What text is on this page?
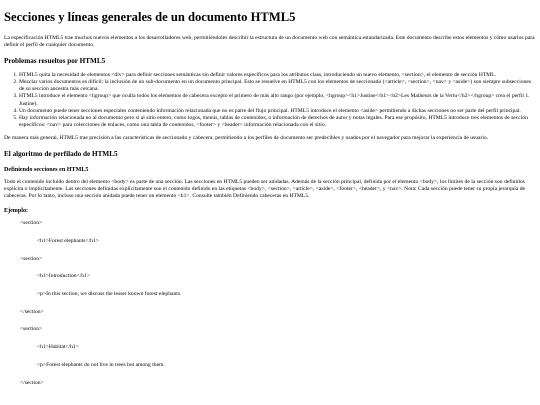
Secciones y líneas generales de un documento HTML5

La especificación HTML5 trae muchos nuevos elementos a los desarrolladores web, permitiéndoles describir la estructura de un documento web con semántica estandarizada. Este documento describe estos elementos y cómo usarlos para definir el perfil de cualquier documento.

Problemas resueltos por HTML5
1. HTML5 quita la necesidad de elementos <div> para definir secciones semánticas sin definir valores específicos para los atributos class, introduciendo un nuevo elemento, <section>, el elemento de sección HTML.
2. Mezclar varios documentos es difícil: la inclusión de un sub-documento en un documento principal. Esto se resuelve en HTML5 con los elementos de seccionado (<article>, <section>, <nav> y <aside>) son siempre subsecciones de su sección ancestra más cercana.
3. HTML5 introduce el elemento <hgroup> que oculta todos los elementos de cabecera excepto el primero de más alto rango (por ejemplo, <hgroup><h1>Justine</h1><h2>Les Malheurs de la Vertu</h2></hgroup> crea el perfil 1. Justine).
4. Un documento puede tener secciones especiales conteniendo información relacionada que no es parte del flujo principal. HTML5 introduce el elemento <aside> permitiendo a dichas secciones no ser parte del perfil principal.
5. Hay información relacionada no al documento pero si al sitio entero, como logos, menús, tablas de contenidos, o información de derechos de autor y notas legales. Para ese propósito, HTML5 introduce tres elementos de sección específicos: <nav> para colecciones de enlaces, como una tabla de contenidos, <footer> y <header> información relacionada con el sitio.

De manera más general, HTML5 trae precisión a las características de seccionado y cabecera, permitiendo a los perfiles de documento ser predecibles y usados por el navegador para mejorar la experiencia de usuario.

El algoritmo de perfilado de HTML5
Definiendo secciones en HTML5

Todo el contenido incluido dentro del elemento <body> es parte de una sección. Las secciones en HTML5 pueden ser anidadas. Además de la sección principal, definida por el elemento <body>, los límites de la sección son definidos explícita o implícitamente. Las secciones definidas explícitamente son el contenido definido en las etiquetas <body>, <section>, <article>, <aside>, <footer>, <header>, y <nav>. Nota: Cada sección puede tener su propia jerarquía de cabeceras. Por lo tanto, incluso una sección anidada puede tener un elemento <h1>. Consulte también Definiendo cabeceras en HTML5.

Ejemplo:

<section>

<h1>Forest elephants</h1>

<section>

<h1>Introduction</h1>

<p>In this section, we discuss the lesser known forest elephants.

</section>

<section>

<h1>Habitat</h1>

<p>Forest elephants do not live in trees but among them.

</section>
